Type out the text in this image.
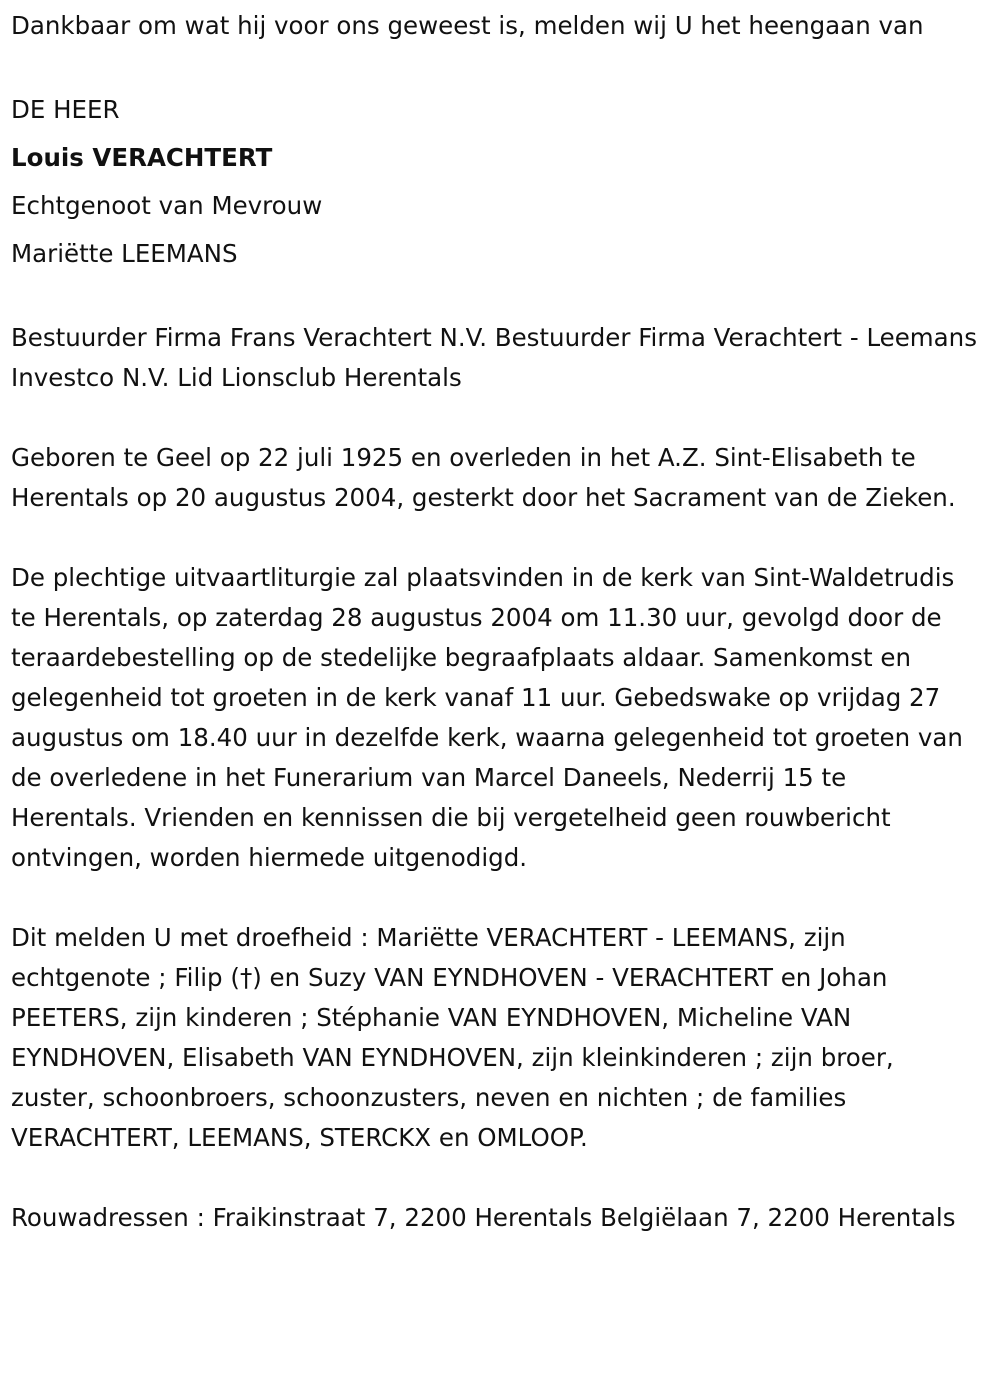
Dankbaar om wat hij voor ons geweest is, melden wij U het heengaan van

DE HEER

Louis VERACHTERT

Echtgenoot van Mevrouw

Mariëtte LEEMANS

Bestuurder Firma Frans Verachtert N.V. Bestuurder Firma Verachtert - Leemans Investco N.V. Lid Lionsclub Herentals

Geboren te Geel op 22 juli 1925 en overleden in het A.Z. Sint-Elisabeth te Herentals op 20 augustus 2004, gesterkt door het Sacrament van de Zieken.

De plechtige uitvaartliturgie zal plaatsvinden in de kerk van Sint-Waldetrudis te Herentals, op zaterdag 28 augustus 2004 om 11.30 uur, gevolgd door de teraardebestelling op de stedelijke begraafplaats aldaar. Samenkomst en gelegenheid tot groeten in de kerk vanaf 11 uur. Gebedswake op vrijdag 27 augustus om 18.40 uur in dezelfde kerk, waarna gelegenheid tot groeten van de overledene in het Funerarium van Marcel Daneels, Nederrij 15 te Herentals. Vrienden en kennissen die bij vergetelheid geen rouwbericht ontvingen, worden hiermede uitgenodigd.

Dit melden U met droefheid : Mariëtte VERACHTERT - LEEMANS, zijn echtgenote ; Filip (†) en Suzy VAN EYNDHOVEN - VERACHTERT en Johan PEETERS, zijn kinderen ; Stéphanie VAN EYNDHOVEN, Micheline VAN EYNDHOVEN, Elisabeth VAN EYNDHOVEN, zijn kleinkinderen ; zijn broer, zuster, schoonbroers, schoonzusters, neven en nichten ; de families VERACHTERT, LEEMANS, STERCKX en OMLOOP.

Rouwadressen : Fraikinstraat 7, 2200 Herentals Belgiëlaan 7, 2200 Herentals
